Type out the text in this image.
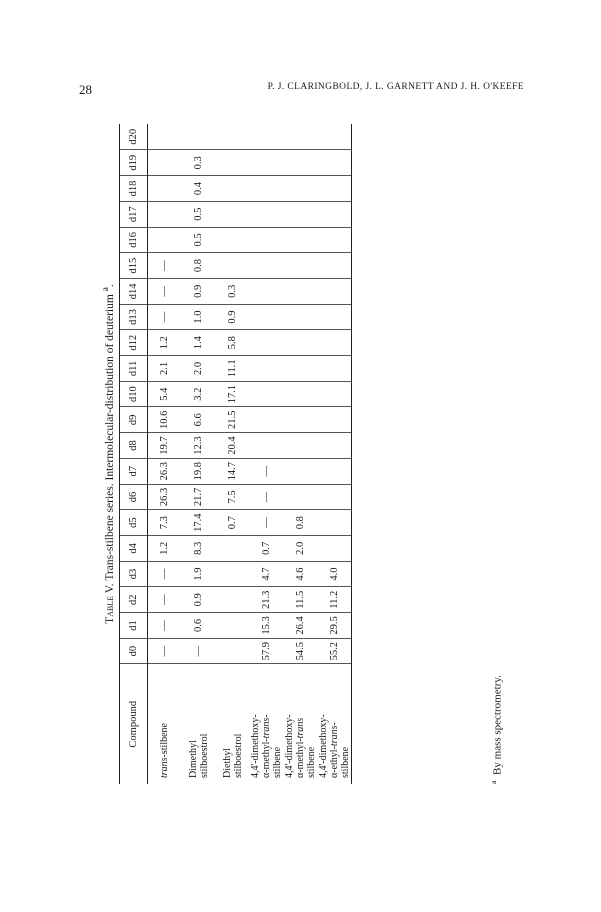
28	P. J. CLARINGBOLD, J. L. GARNETT AND J. H. O'KEEFE
Table V. Trans-stilbene series. Intermolecular-distribution of deuterium $^a$.
Compound	d0	d1	d2	d3	d4	d5	d6	d7	d8	d9	d10	d11	d12	d13	d14	d15	d16	d17	d18	d19	d20
trans-stilbene	—	—	—	—	1.2	7.3	26.3	26.3	19.7	10.6	5.4	2.1	1.2	—	—	—					
Dimethyl
stilboestrol	—	0.6	0.9	1.9	8.3	17.4	21.7	19.8	12.3	6.6	3.2	2.0	1.4	1.0	0.9	0.8	0.5	0.5	0.4	0.3	
Diethyl
stilboestrol						0.7	7.5	14.7	20.4	21.5	17.1	11.1	5.8	0.9	0.3						
4,4'-dimethoxy-
α-methyl-trans-
stilbene	57.9	15.3	21.3	4.7	0.7	—	—	—													
4,4'-dimethoxy-
α-methyl-trans
stilbene	54.5	26.4	11.5	4.6	2.0	0.8															
4,4'-dimethoxy-
α-ethyl-trans-
stilbene	55.2	29.5	11.2	4.0																	
$^a$  By mass spectrometry.
